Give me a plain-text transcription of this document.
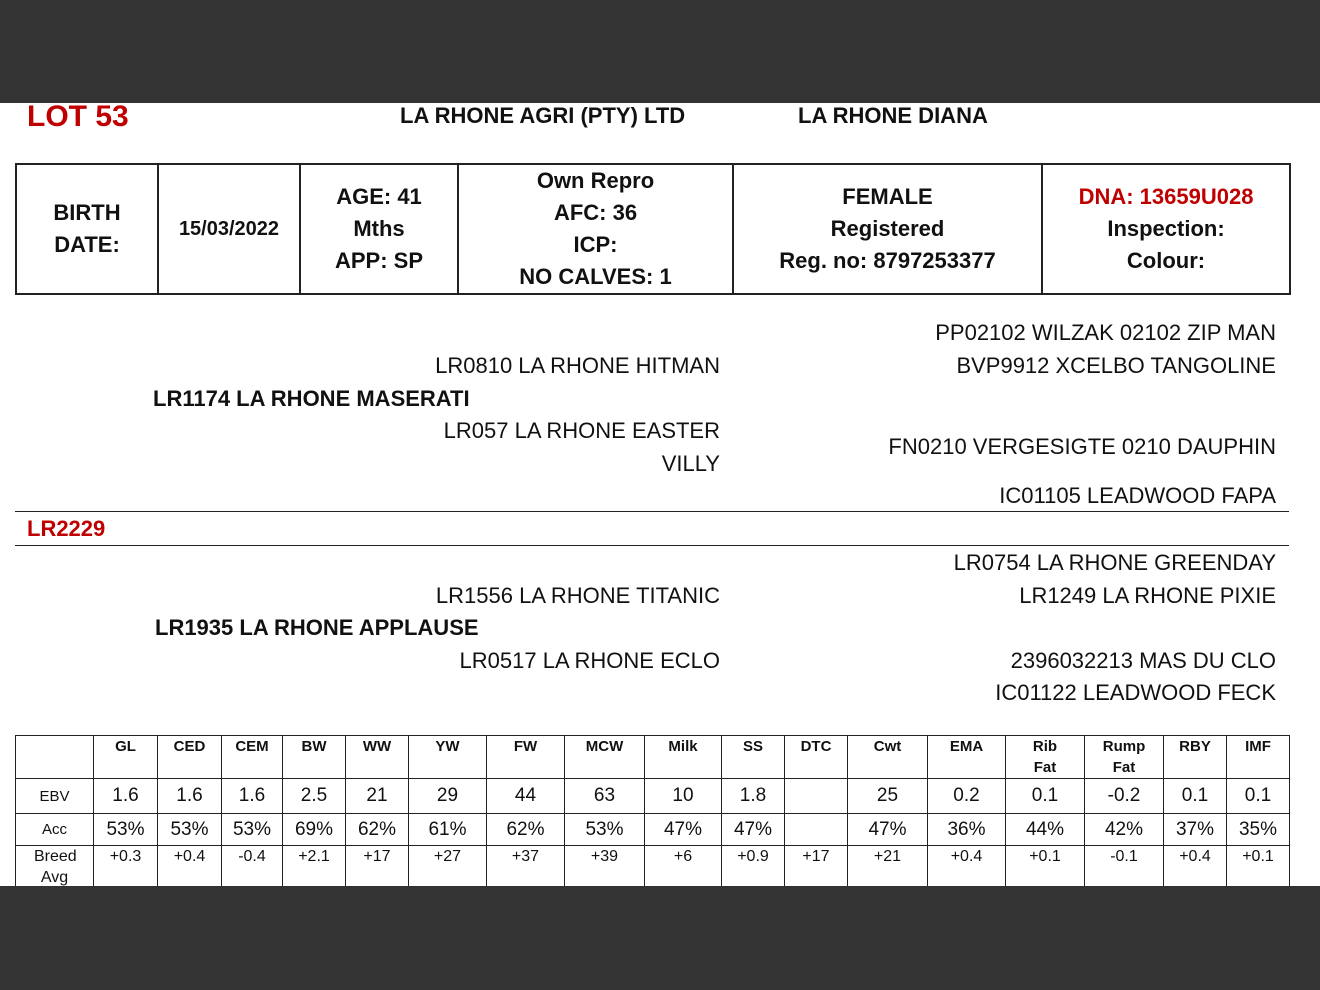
LOT 53	LA RHONE AGRI (PTY) LTD	LA RHONE DIANA
BIRTH
DATE:
	15/03/2022	
AGE: 41
Mths
APP: SP

Own Repro
AFC: 36
ICP:
NO CALVES: 1

FEMALE
Registered
Reg. no: 8797253377

DNA: 13659U028
Inspection:
Colour:
PP02102 WILZAK 02102 ZIP MAN
LR0810 LA RHONE HITMAN	BVP9912 XCELBO TANGOLINE
LR1174 LA RHONE MASERATI
LR057 LA RHONE EASTER
VILLY
FN0210 VERGESIGTE 0210 DAUPHIN
IC01105 LEADWOOD FAPA
LR2229
LR0754 LA RHONE GREENDAY
LR1556 LA RHONE TITANIC	LR1249 LA RHONE PIXIE
LR1935 LA RHONE APPLAUSE
LR0517 LA RHONE ECLO	2396032213 MAS DU CLO
IC01122 LEADWOOD FECK
	GL	CED	CEM	BW	WW	YW	FW	MCW	Milk	SS	DTC	Cwt	EMA	Rib Fat	Rump Fat	RBY	IMF
EBV	1.6	1.6	1.6	2.5	21	29	44	63	10	1.8		25	0.2	0.1	-0.2	0.1	0.1
Acc	53%	53%	53%	69%	62%	61%	62%	53%	47%	47%		47%	36%	44%	42%	37%	35%
Breed Avg	+0.3	+0.4	-0.4	+2.1	+17	+27	+37	+39	+6	+0.9	+17	+21	+0.4	+0.1	-0.1	+0.4	+0.1
